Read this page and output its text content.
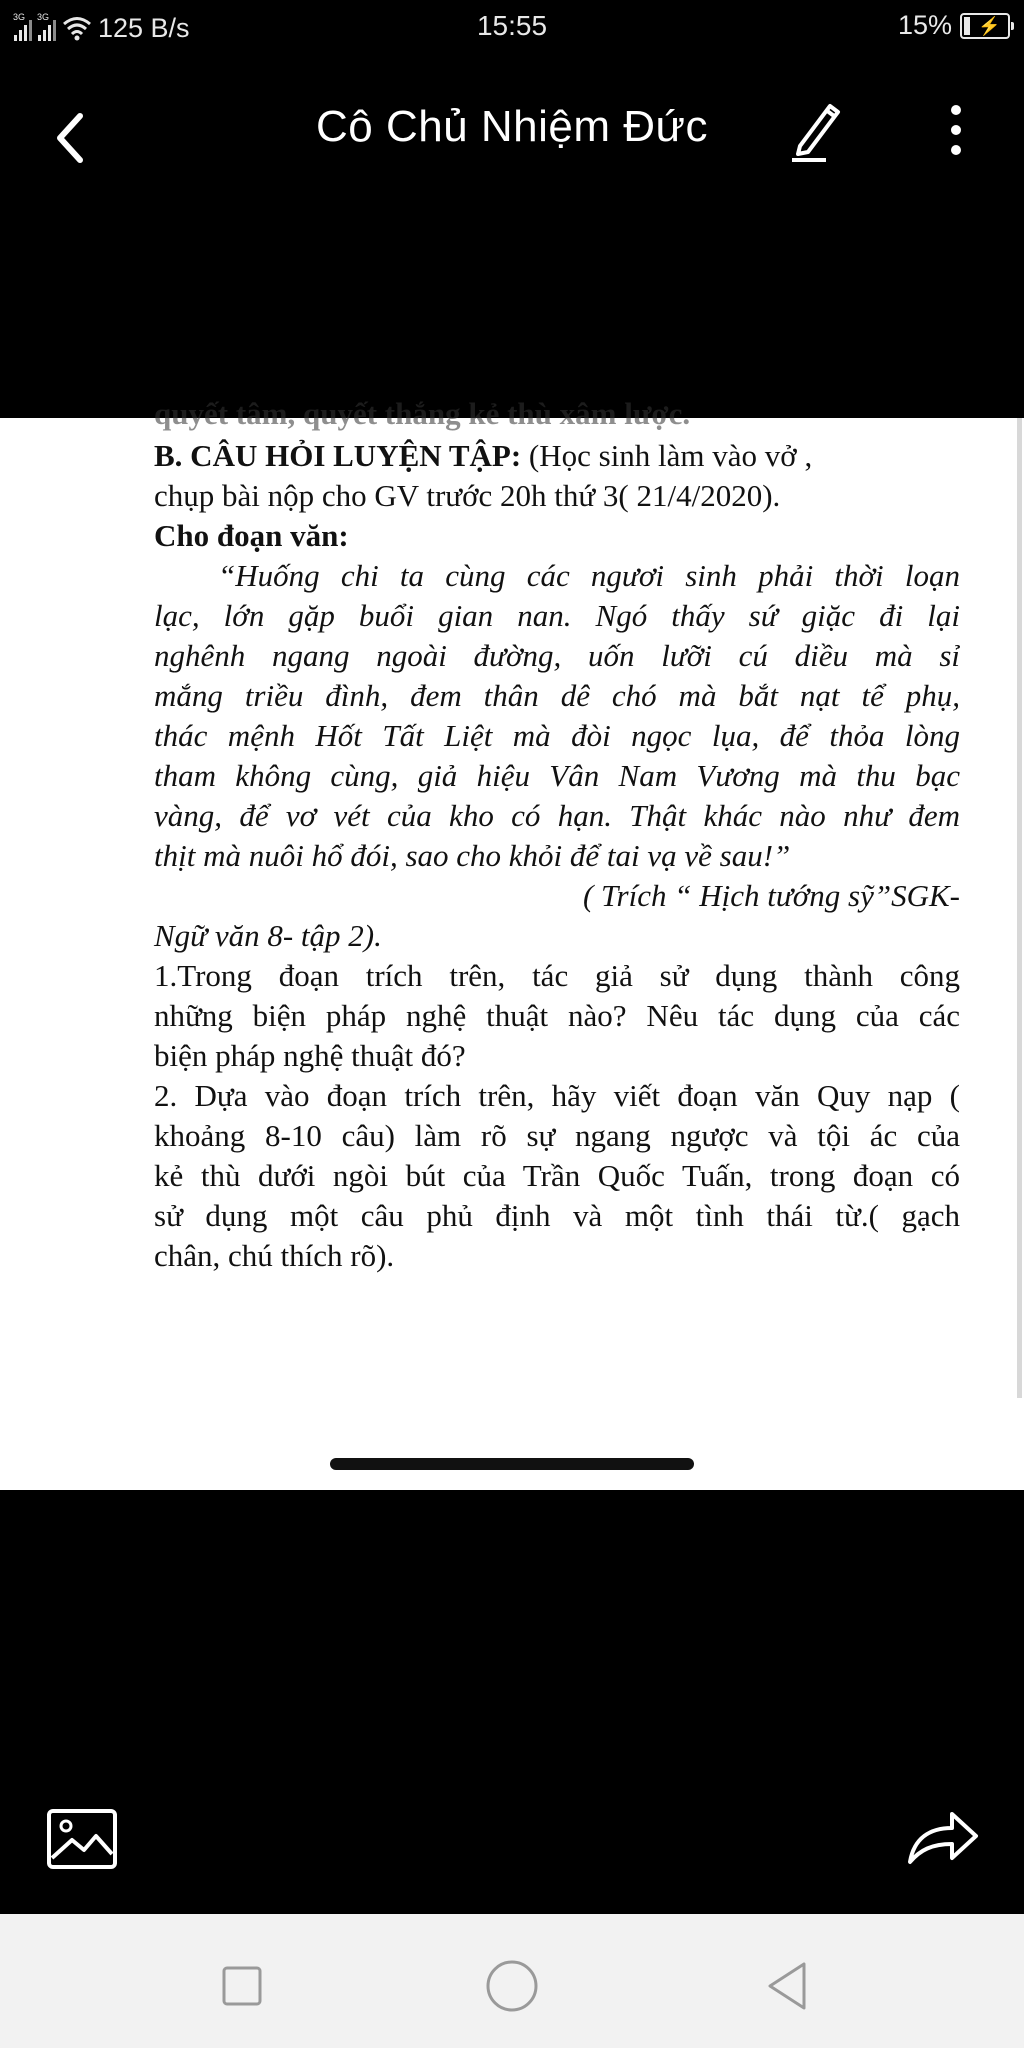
3G 3G 125 B/s	15:55	15% ⚡
Cô Chủ Nhiệm Đức
quyết tâm, quyết thắng kẻ thù xâm lược.
B. CÂU HỎI LUYỆN TẬP: (Học sinh làm vào vở ,
chụp bài nộp cho GV trước 20h thứ 3( 21/4/2020).
Cho đoạn văn:
“Huống chi ta cùng các ngươi sinh phải thời loạn
lạc, lớn gặp buổi gian nan. Ngó thấy sứ giặc đi lại
nghênh ngang ngoài đường, uốn lưỡi cú diều mà sỉ
mắng triều đình, đem thân dê chó mà bắt nạt tể phụ,
thác mệnh Hốt Tất Liệt mà đòi ngọc lụa, để thỏa lòng
tham không cùng, giả hiệu Vân Nam Vương mà thu bạc
vàng, để vơ vét của kho có hạn. Thật khác nào như đem
thịt mà nuôi hổ đói, sao cho khỏi để tai vạ về sau!”
( Trích “ Hịch tướng sỹ”SGK-
Ngữ văn 8- tập 2).
1.Trong đoạn trích trên, tác giả sử dụng thành công
những biện pháp nghệ thuật nào? Nêu tác dụng của các
biện pháp nghệ thuật đó?
2. Dựa vào đoạn trích trên, hãy viết đoạn văn Quy nạp (
khoảng 8-10 câu) làm rõ sự ngang ngược và tội ác của
kẻ thù dưới ngòi bút của Trần Quốc Tuấn, trong đoạn có
sử dụng một câu phủ định và một tình thái từ.( gạch
chân, chú thích rõ).
